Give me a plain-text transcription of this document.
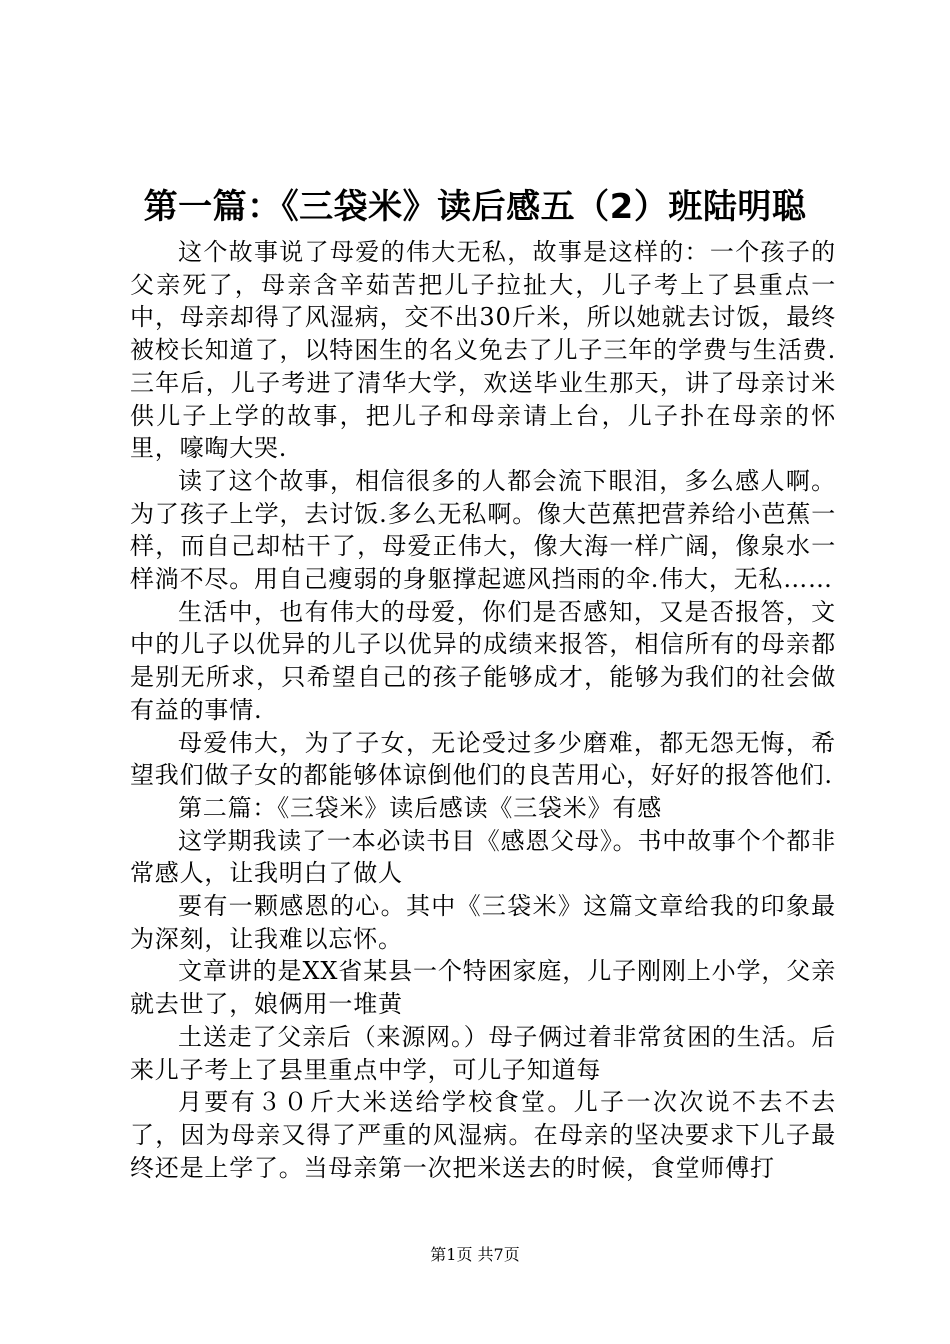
第一篇：《三袋米》读后感五（2）班陆明聪

这个故事说了母爱的伟大无私，故事是这样的：一个孩子的父亲死了，母亲含辛茹苦把儿子拉扯大，儿子考上了县重点一中，母亲却得了风湿病，交不出30斤米，所以她就去讨饭，最终被校长知道了，以特困生的名义免去了儿子三年的学费与生活费.三年后，儿子考进了清华大学，欢送毕业生那天，讲了母亲讨米供儿子上学的故事，把儿子和母亲请上台，儿子扑在母亲的怀里，嚎啕大哭.

读了这个故事，相信很多的人都会流下眼泪，多么感人啊。为了孩子上学，去讨饭.多么无私啊。像大芭蕉把营养给小芭蕉一样，而自己却枯干了，母爱正伟大，像大海一样广阔，像泉水一样淌不尽。用自己瘦弱的身躯撑起遮风挡雨的伞.伟大，无私……

生活中，也有伟大的母爱，你们是否感知，又是否报答，文中的儿子以优异的儿子以优异的成绩来报答，相信所有的母亲都是别无所求，只希望自己的孩子能够成才，能够为我们的社会做有益的事情.

母爱伟大，为了子女，无论受过多少磨难，都无怨无悔，希望我们做子女的都能够体谅倒他们的良苦用心，好好的报答他们.

第二篇：《三袋米》读后感读《三袋米》有感

这学期我读了一本必读书目《感恩父母》。书中故事个个都非常感人，让我明白了做人

要有一颗感恩的心。其中《三袋米》这篇文章给我的印象最为深刻，让我难以忘怀。

文章讲的是XX省某县一个特困家庭，儿子刚刚上小学，父亲就去世了，娘俩用一堆黄

土送走了父亲后（来源网。）母子俩过着非常贫困的生活。后来儿子考上了县里重点中学，可儿子知道每

月要有３０斤大米送给学校食堂。儿子一次次说不去不去了，因为母亲又得了严重的风湿病。在母亲的坚决要求下儿子最终还是上学了。当母亲第一次把米送去的时候，食堂师傅打

第1页 共7页
